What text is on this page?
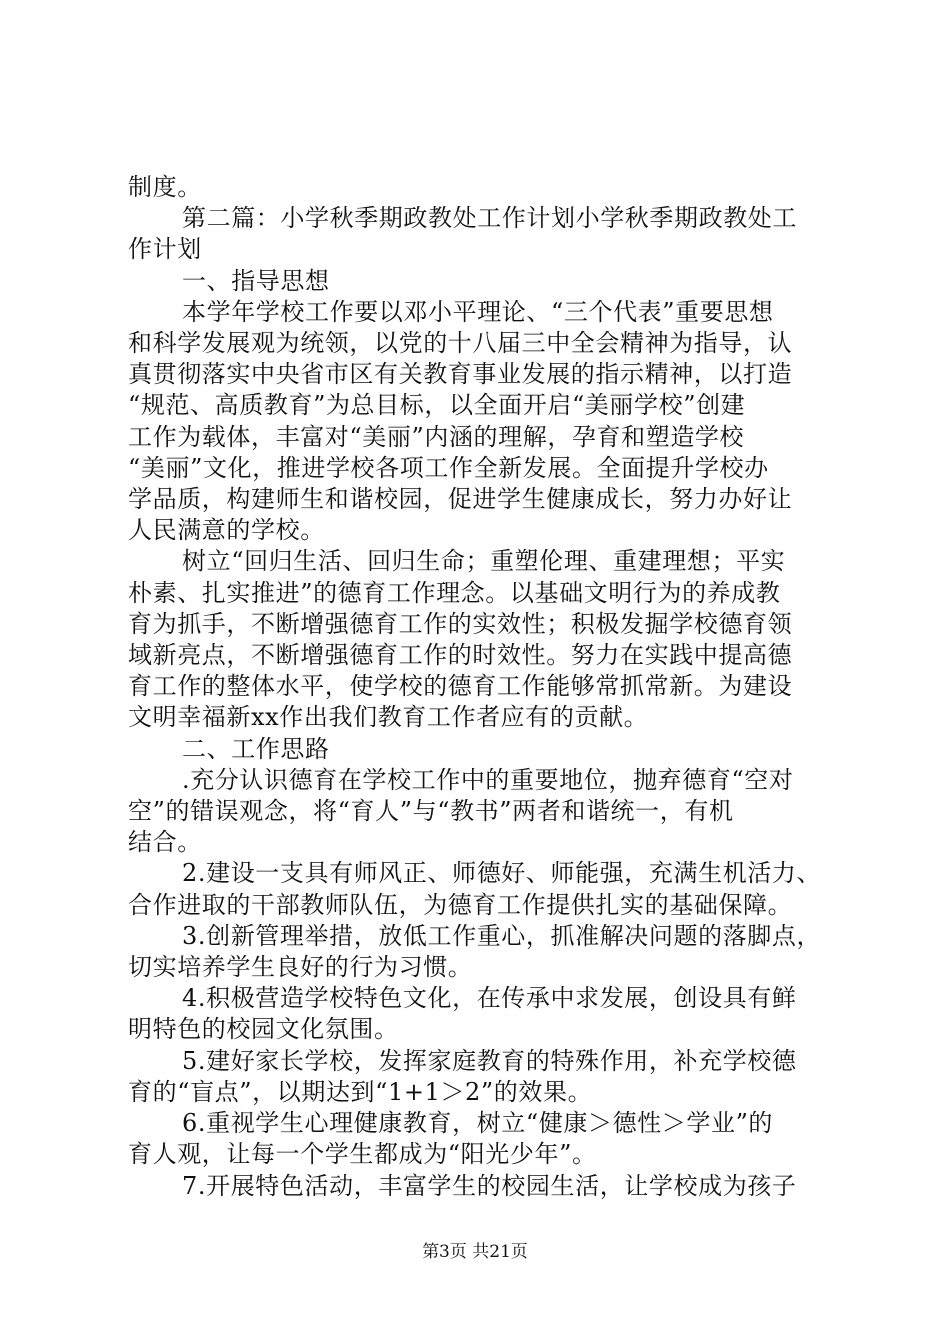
制度。

第二篇：小学秋季期政教处工作计划小学秋季期政教处工

作计划

一、指导思想

本学年学校工作要以邓小平理论、“三个代表”重要思想

和科学发展观为统领，以党的十八届三中全会精神为指导，认

真贯彻落实中央省市区有关教育事业发展的指示精神，以打造

“规范、高质教育”为总目标，以全面开启“美丽学校”创建

工作为载体，丰富对“美丽”内涵的理解，孕育和塑造学校

“美丽”文化，推进学校各项工作全新发展。全面提升学校办

学品质，构建师生和谐校园，促进学生健康成长，努力办好让

人民满意的学校。

树立“回归生活、回归生命；重塑伦理、重建理想；平实

朴素、扎实推进”的德育工作理念。以基础文明行为的养成教

育为抓手，不断增强德育工作的实效性；积极发掘学校德育领

域新亮点，不断增强德育工作的时效性。努力在实践中提高德

育工作的整体水平，使学校的德育工作能够常抓常新。为建设

文明幸福新xx作出我们教育工作者应有的贡献。

二、工作思路

.充分认识德育在学校工作中的重要地位，抛弃德育“空对

空”的错误观念，将“育人”与“教书”两者和谐统一，有机

结合。

2.建设一支具有师风正、师德好、师能强，充满生机活力、

合作进取的干部教师队伍，为德育工作提供扎实的基础保障。

3.创新管理举措，放低工作重心，抓准解决问题的落脚点，

切实培养学生良好的行为习惯。

4.积极营造学校特色文化，在传承中求发展，创设具有鲜

明特色的校园文化氛围。

5.建好家长学校，发挥家庭教育的特殊作用，补充学校德

育的“盲点”，以期达到“1+1＞2”的效果。

6.重视学生心理健康教育，树立“健康＞德性＞学业”的

育人观，让每一个学生都成为“阳光少年”。

7.开展特色活动，丰富学生的校园生活，让学校成为孩子

第3页 共21页
